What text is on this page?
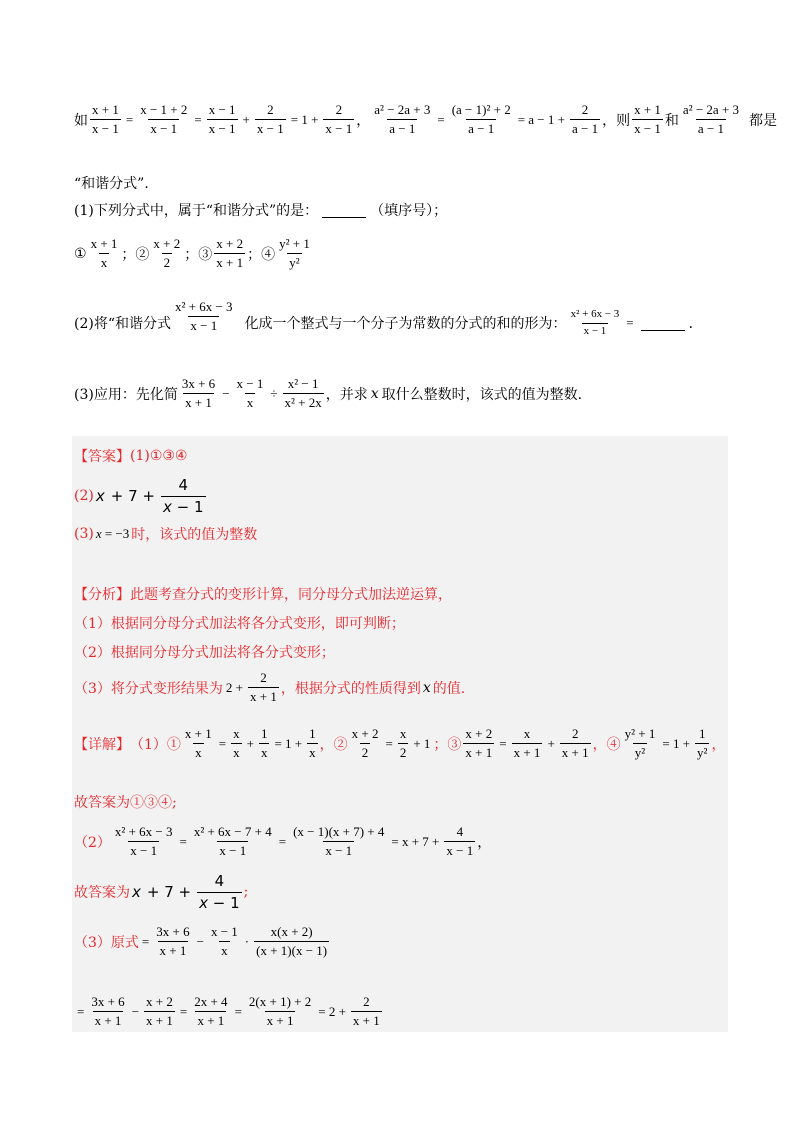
如 $\frac{x + 1}{x - 1} = \frac{x - 1 + 2}{x - 1} = \frac{x - 1}{x - 1} + \frac{2}{x - 1} = 1 + \frac{2}{x - 1}$ ， $\frac{\text{a² − 2a + 3}}{a - 1} = \frac{\text{(a − 1)² + 2}}{a - 1} = a - 1 + \frac{2}{a - 1}$ ，则 $\frac{x + 1}{x - 1}$ 和 $\frac{\text{a² − 2a + 3}}{a - 1}$ 都是
“和谐分式”．
(1)下列分式中，属于“和谐分式”的是：	（填序号）；
① $\frac{x + 1}{x}$ ；② $\frac{x + 2}{2}$ ；③ $\frac{x + 2}{x + 1}$ ；④ $\frac{\text{y² + 1}}{\text{y²}}$
(2)将“和谐分式 $\frac{\text{x² + 6x − 3}}{x - 1}$ 化成一个整式与一个分子为常数的分式的和的形为： $\frac{\text{x² + 6x − 3}}{x - 1}$ =	．
(3)应用：先化简 $\frac{3x + 6}{x + 1} - \frac{x - 1}{x} \div \frac{\text{x² − 1}}{\text{x² + 2x}}$ ，并求 x 取什么整数时，该式的值为整数．
【答案】 (1)①③④
(2) $x + 7 + \frac{4}{x - 1}$
(3) x = −3 时，该式的值为整数
【分析】 此题考查分式的变形计算，同分母分式加法逆运算，
（1）根据同分母分式加法将各分式变形，即可判断；
（2）根据同分母分式加法将各分式变形；
（3）将分式变形结果为 $2 + \frac{2}{x + 1}$ ，根据分式的性质得到 x 的值.
【详解】 （1）① $\frac{x + 1}{x} = \frac{x}{x} + \frac{1}{x} = 1 + \frac{1}{x}$ ，② $\frac{x + 2}{2} = \frac{x}{2} + 1$ ；③ $\frac{x + 2}{x + 1} = \frac{x}{x + 1} + \frac{2}{x + 1}$ ，④ $\frac{\text{y² + 1}}{\text{y²}} = 1 + \frac{1}{\text{y²}}$ ，
故答案为①③④;
$(2) \frac{\text{x² + 6x − 3}}{x - 1} = \frac{\text{x² + 6x − 7 + 4}}{x - 1} = \frac{(x - 1)(x + 7) + 4}{x - 1} = x + 7 + \frac{4}{x - 1}$ ，
故答案为 $x + 7 + \frac{4}{x - 1}$ ;
（3）原式 = $\frac{3x + 6}{x + 1} - \frac{x - 1}{x} \cdot \frac{x(x + 2)}{(x + 1)(x - 1)}$
= $\frac{3x + 6}{x + 1} - \frac{x + 2}{x + 1} = \frac{2x + 4}{x + 1} = \frac{2(x + 1) + 2}{x + 1} = 2 + \frac{2}{x + 1}$
